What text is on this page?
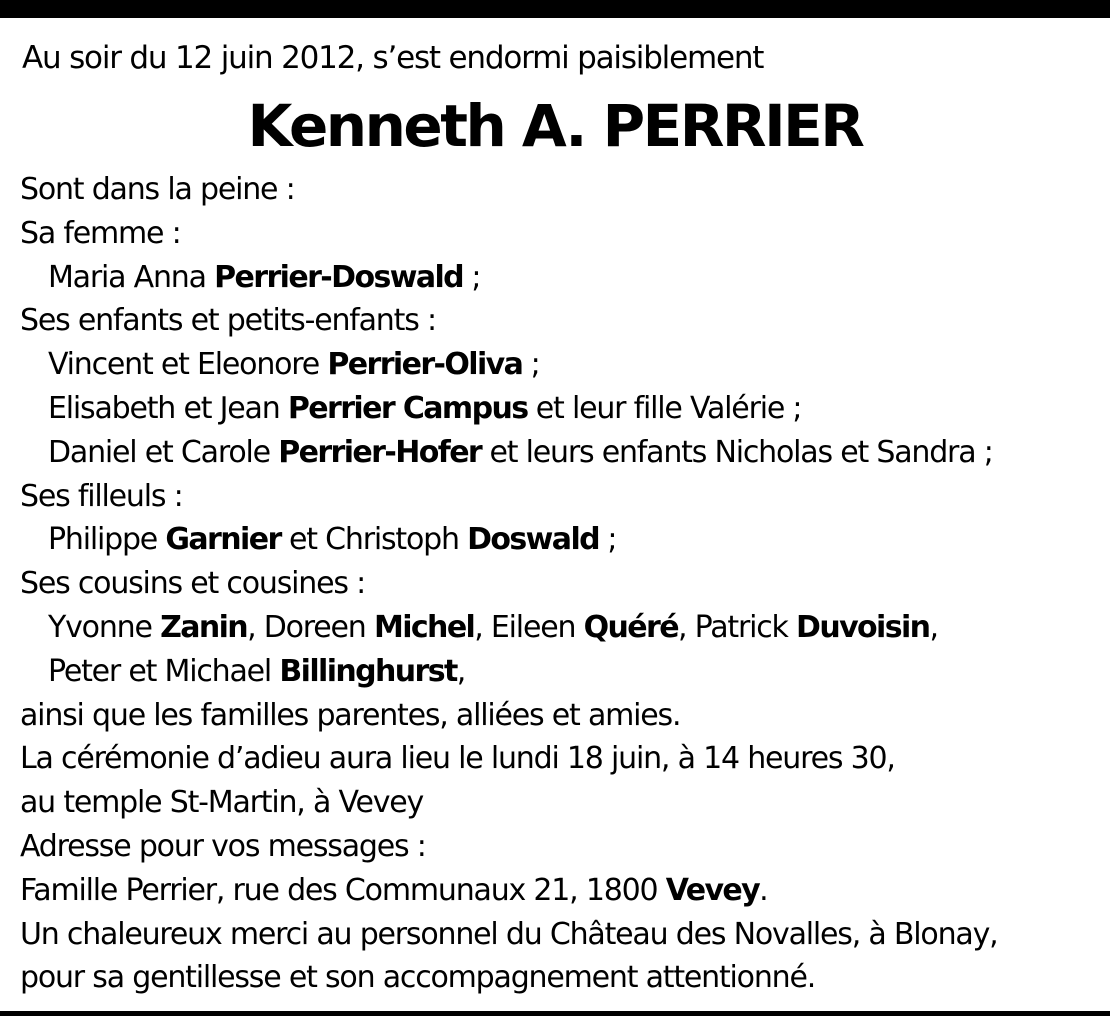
Au soir du 12 juin 2012, s’est endormi paisiblement
Kenneth A. PERRIER
Sont dans la peine :
Sa femme :
Maria Anna Perrier-Doswald ;
Ses enfants et petits-enfants :
Vincent et Eleonore Perrier-Oliva ;
Elisabeth et Jean Perrier Campus et leur fille Valérie ;
Daniel et Carole Perrier-Hofer et leurs enfants Nicholas et Sandra ;
Ses filleuls :
Philippe Garnier et Christoph Doswald ;
Ses cousins et cousines :
Yvonne Zanin, Doreen Michel, Eileen Quéré, Patrick Duvoisin,
Peter et Michael Billinghurst,
ainsi que les familles parentes, alliées et amies.
La cérémonie d’adieu aura lieu le lundi 18 juin, à 14 heures 30,
au temple St-Martin, à Vevey
Adresse pour vos messages :
Famille Perrier, rue des Communaux 21, 1800 Vevey.
Un chaleureux merci au personnel du Château des Novalles, à Blonay,
pour sa gentillesse et son accompagnement attentionné.
